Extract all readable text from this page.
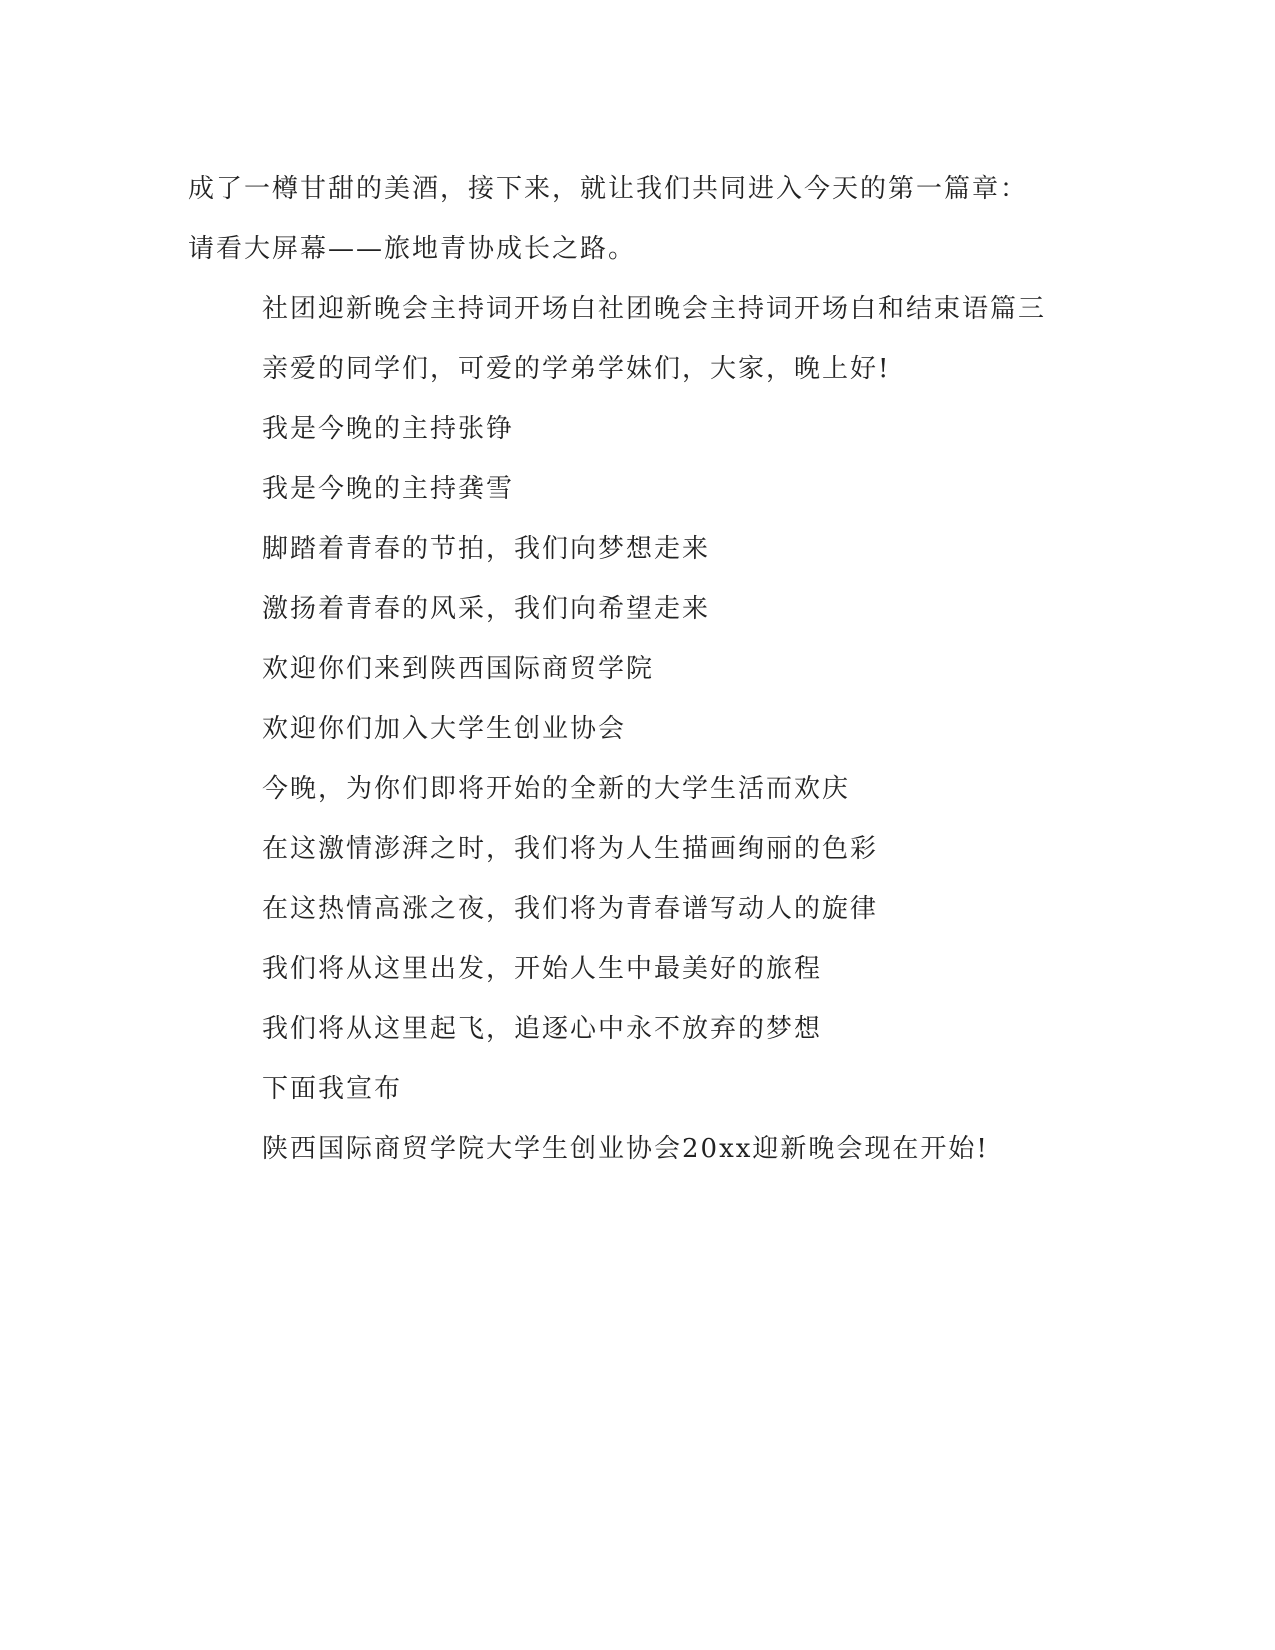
成了一樽甘甜的美酒，接下来，就让我们共同进入今天的第一篇章：
请看大屏幕——旅地青协成长之路。
社团迎新晚会主持词开场白社团晚会主持词开场白和结束语篇三
亲爱的同学们，可爱的学弟学妹们，大家，晚上好!
我是今晚的主持张铮
我是今晚的主持龚雪
脚踏着青春的节拍，我们向梦想走来
激扬着青春的风采，我们向希望走来
欢迎你们来到陕西国际商贸学院
欢迎你们加入大学生创业协会
今晚，为你们即将开始的全新的大学生活而欢庆
在这激情澎湃之时，我们将为人生描画绚丽的色彩
在这热情高涨之夜，我们将为青春谱写动人的旋律
我们将从这里出发，开始人生中最美好的旅程
我们将从这里起飞，追逐心中永不放弃的梦想
下面我宣布
陕西国际商贸学院大学生创业协会20xx迎新晚会现在开始!
